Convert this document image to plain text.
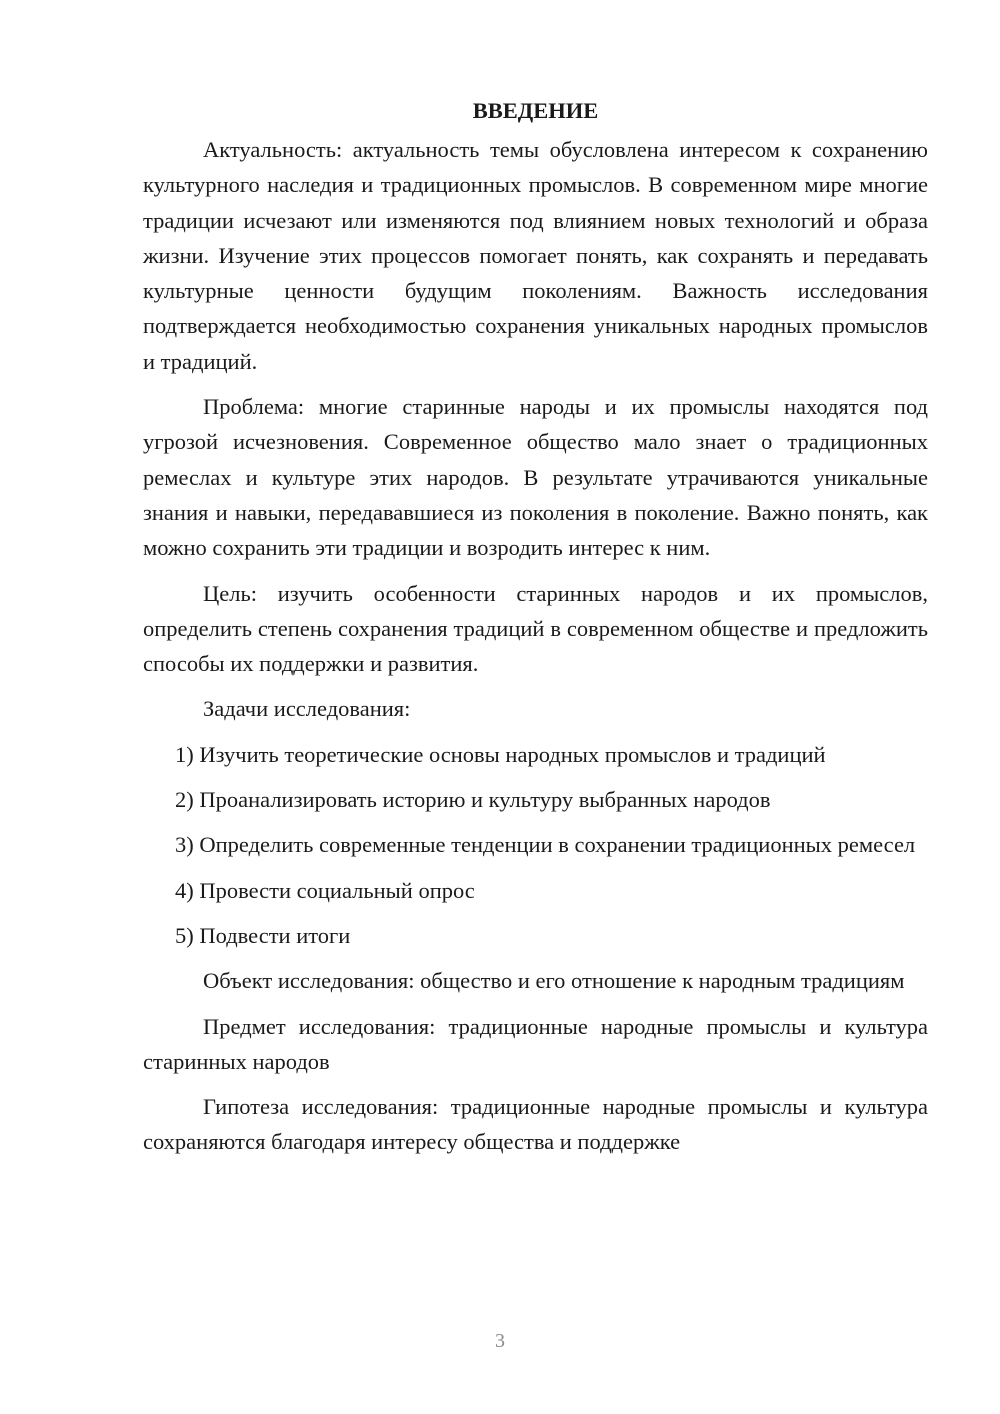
ВВЕДЕНИЕ

Актуальность: актуальность темы обусловлена интересом к сохранению культурного наследия и традиционных промыслов. В современном мире многие традиции исчезают или изменяются под влиянием новых технологий и образа жизни. Изучение этих процессов помогает понять, как сохранять и передавать культурные ценности будущим поколениям. Важность исследования подтверждается необходимостью сохранения уникальных народных промыслов и традиций.

Проблема: многие старинные народы и их промыслы находятся под угрозой исчезновения. Современное общество мало знает о традиционных ремеслах и культуре этих народов. В результате утрачиваются уникальные знания и навыки, передававшиеся из поколения в поколение. Важно понять, как можно сохранить эти традиции и возродить интерес к ним.

Цель: изучить особенности старинных народов и их промыслов, определить степень сохранения традиций в современном обществе и предложить способы их поддержки и развития.

Задачи исследования:

1) Изучить теоретические основы народных промыслов и традиций

2) Проанализировать историю и культуру выбранных народов

3) Определить современные тенденции в сохранении традиционных ремесел

4) Провести социальный опрос

5) Подвести итоги

Объект исследования: общество и его отношение к народным традициям

Предмет исследования: традиционные народные промыслы и культура старинных народов

Гипотеза исследования: традиционные народные промыслы и культура сохраняются благодаря интересу общества и поддержке

3
